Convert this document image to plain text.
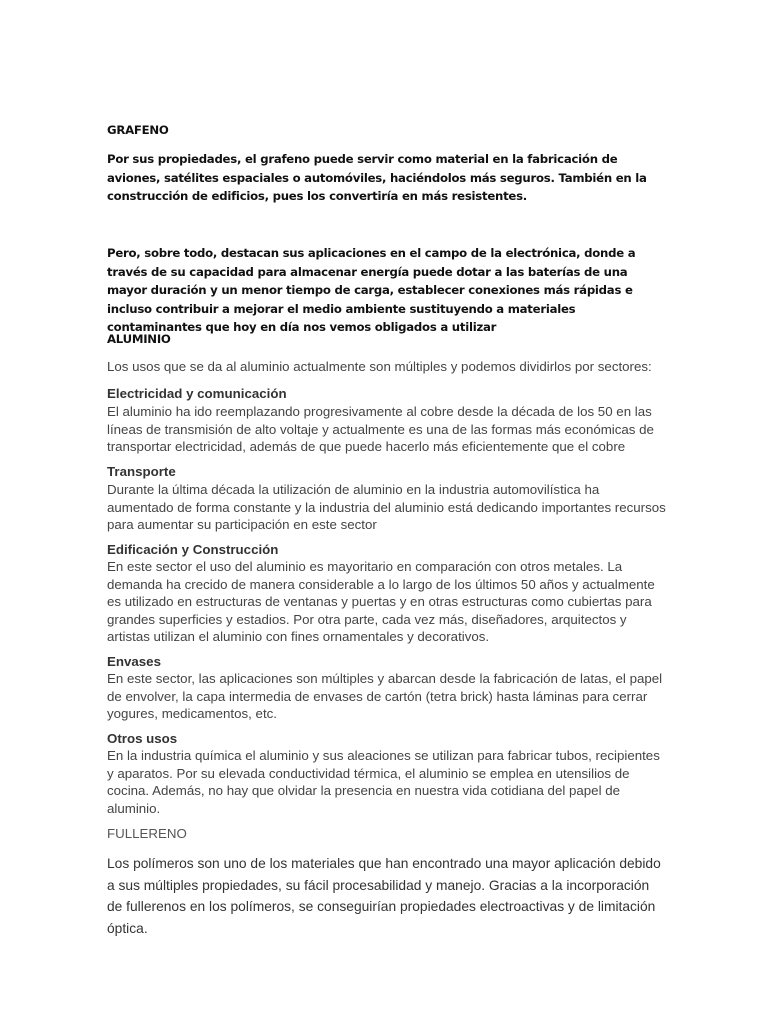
GRAFENO

Por sus propiedades, el grafeno puede servir como material en la fabricación de aviones, satélites espaciales o automóviles, haciéndolos más seguros. También en la construcción de edificios, pues los convertiría en más resistentes.

Pero, sobre todo, destacan sus aplicaciones en el campo de la electrónica, donde a través de su capacidad para almacenar energía puede dotar a las baterías de una mayor duración y un menor tiempo de carga, establecer conexiones más rápidas e incluso contribuir a mejorar el medio ambiente sustituyendo a materiales contaminantes que hoy en día nos vemos obligados a utilizar

ALUMINIO

Los usos que se da al aluminio actualmente son múltiples y podemos dividirlos por sectores:

Electricidad y comunicación

El aluminio ha ido reemplazando progresivamente al cobre desde la década de los 50 en las líneas de transmisión de alto voltaje y actualmente es una de las formas más económicas de transportar electricidad, además de que puede hacerlo más eficientemente que el cobre

Transporte

Durante la última década la utilización de aluminio en la industria automovilística ha aumentado de forma constante y la industria del aluminio está dedicando importantes recursos para aumentar su participación en este sector

Edificación y Construcción

En este sector el uso del aluminio es mayoritario en comparación con otros metales. La demanda ha crecido de manera considerable a lo largo de los últimos 50 años y actualmente es utilizado en estructuras de ventanas y puertas y en otras estructuras como cubiertas para grandes superficies y estadios. Por otra parte, cada vez más, diseñadores, arquitectos y artistas utilizan el aluminio con fines ornamentales y decorativos.

Envases

En este sector, las aplicaciones son múltiples y abarcan desde la fabricación de latas, el papel de envolver, la capa intermedia de envases de cartón (tetra brick) hasta láminas para cerrar yogures, medicamentos, etc.

Otros usos

En la industria química el aluminio y sus aleaciones se utilizan para fabricar tubos, recipientes y aparatos. Por su elevada conductividad térmica, el aluminio se emplea en utensilios de cocina. Además, no hay que olvidar la presencia en nuestra vida cotidiana del papel de aluminio.

FULLERENO

Los polímeros son uno de los materiales que han encontrado una mayor aplicación debido a sus múltiples propiedades, su fácil procesabilidad y manejo. Gracias a la incorporación de fullerenos en los polímeros, se conseguirían propiedades electroactivas y de limitación óptica.
